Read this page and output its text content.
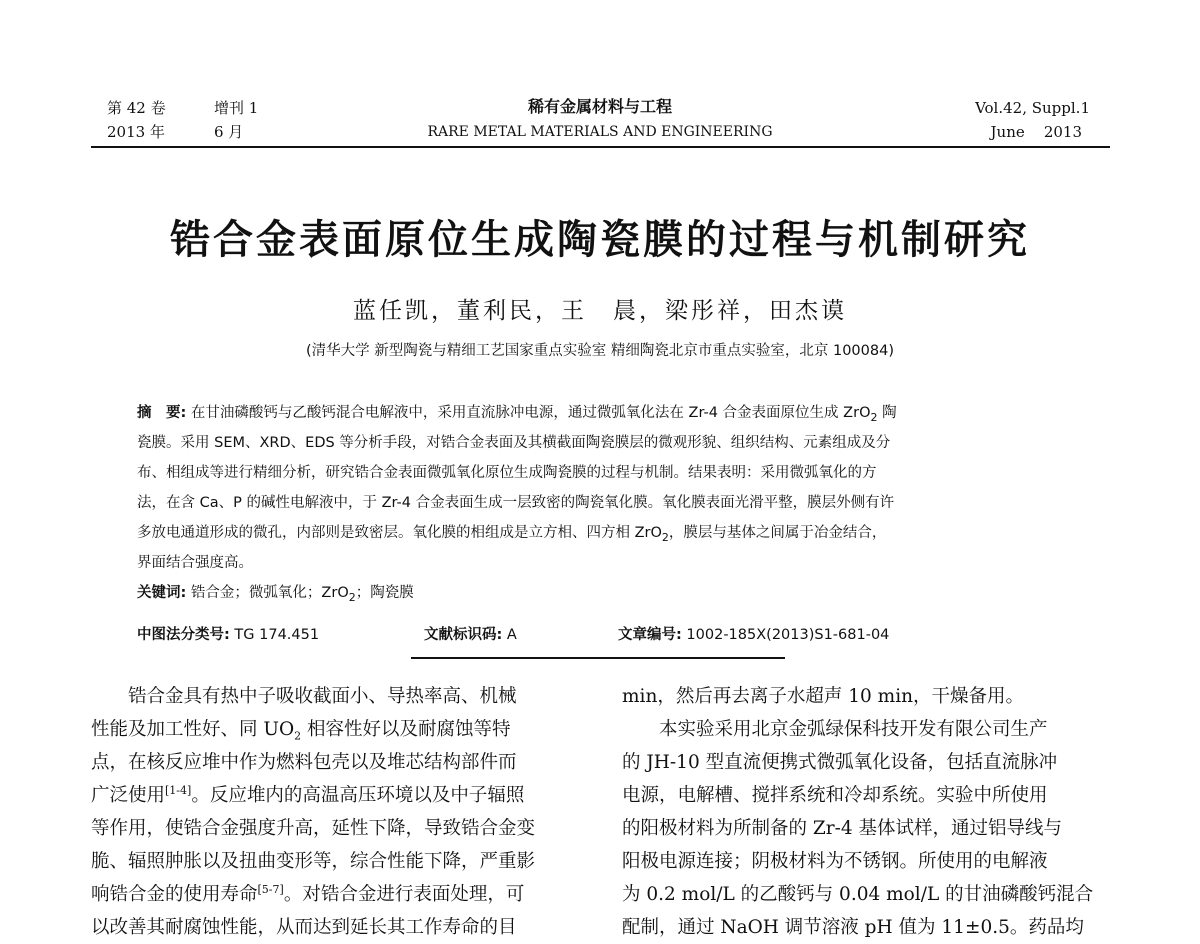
第 42 卷	增刊 1
2013 年	6 月
稀有金属材料与工程
RARE METAL MATERIALS AND ENGINEERING
Vol.42, Suppl.1
June    2013
锆合金表面原位生成陶瓷膜的过程与机制研究
蓝任凯，董利民，王　晨，梁彤祥，田杰谟
(清华大学 新型陶瓷与精细工艺国家重点实验室 精细陶瓷北京市重点实验室，北京 100084)
摘　要: 在甘油磷酸钙与乙酸钙混合电解液中，采用直流脉冲电源，通过微弧氧化法在 Zr-4 合金表面原位生成 ZrO$_2$ 陶
瓷膜。采用 SEM、XRD、EDS 等分析手段，对锆合金表面及其横截面陶瓷膜层的微观形貌、组织结构、元素组成及分
布、相组成等进行精细分析，研究锆合金表面微弧氧化原位生成陶瓷膜的过程与机制。结果表明：采用微弧氧化的方
法，在含 Ca、P 的碱性电解液中，于 Zr-4 合金表面生成一层致密的陶瓷氧化膜。氧化膜表面光滑平整，膜层外侧有许
多放电通道形成的微孔，内部则是致密层。氧化膜的相组成是立方相、四方相 ZrO$_2$，膜层与基体之间属于冶金结合，
界面结合强度高。
关键词: 锆合金；微弧氧化；ZrO$_2$；陶瓷膜
中图法分类号: TG 174.451	文献标识码: A	文章编号: 1002-185X(2013)S1-681-04
锆合金具有热中子吸收截面小、导热率高、机械
性能及加工性好、同 $UO_2$ 相容性好以及耐腐蚀等特
点，在核反应堆中作为燃料包壳以及堆芯结构部件而
广泛使用[1-4]。反应堆内的高温高压环境以及中子辐照
等作用，使锆合金强度升高，延性下降，导致锆合金变
脆、辐照肿胀以及扭曲变形等，综合性能下降，严重影
响锆合金的使用寿命[5-7]。对锆合金进行表面处理，可
以改善其耐腐蚀性能，从而达到延长其工作寿命的目
min，然后再去离子水超声 10 min，干燥备用。
本实验采用北京金弧绿保科技开发有限公司生产
的 JH-10 型直流便携式微弧氧化设备，包括直流脉冲
电源，电解槽、搅拌系统和冷却系统。实验中所使用
的阳极材料为所制备的 Zr-4 基体试样，通过铝导线与
阳极电源连接；阴极材料为不锈钢。所使用的电解液
为 0.2 mol/L 的乙酸钙与 0.04 mol/L 的甘油磷酸钙混合
配制，通过 NaOH 调节溶液 pH 值为 11±0.5。药品均
